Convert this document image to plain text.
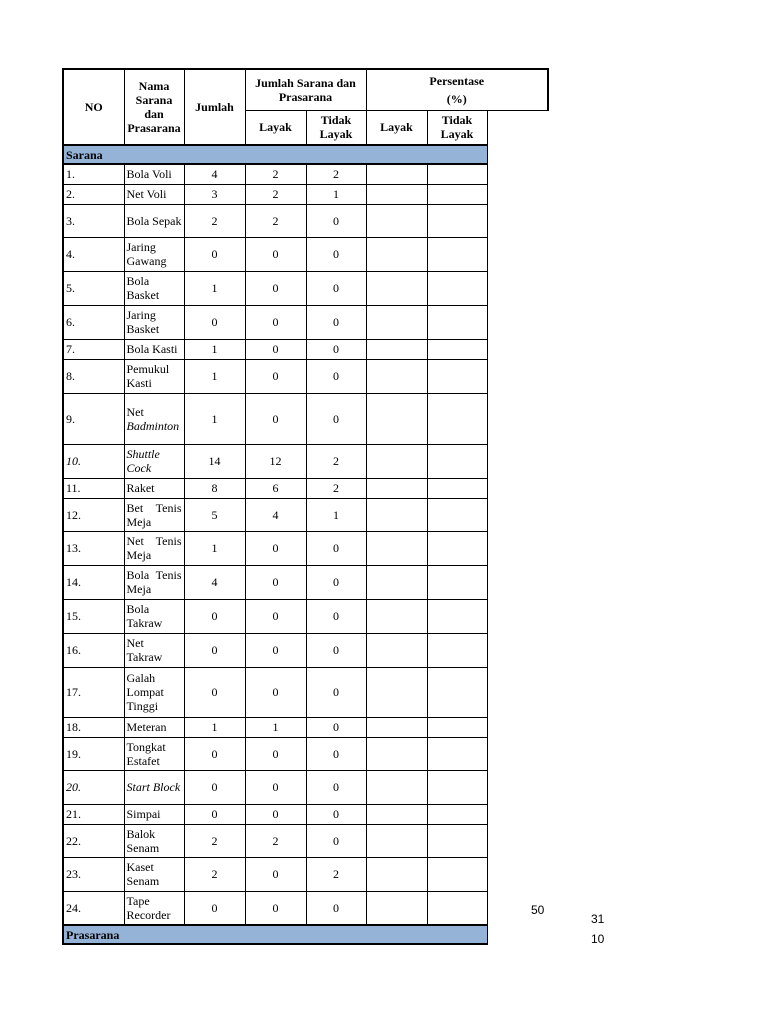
NO	Nama Sarana dan Prasarana	Jumlah	Jumlah Sarana dan Prasarana		Persentase
(%)		

			Layak	Tidak Layak	Layak	Tidak Layak	
Sarana							
1.	Bola Voli	4	2	2			
2.	Net Voli	3	2	1			
3.	Bola Sepak	2	2	0			
4.	Jaring Gawang	0	0	0			
5.	Bola Basket	1	0	0			
6.	Jaring Basket	0	0	0			
7.	Bola Kasti	1	0	0			
8.	Pemukul Kasti	1	0	0			
9.	Net
Badminton	1	0	0			
10.	Shuttle Cock	14	12	2			
11.	Raket	8	6	2			
12.	Bet Tenis Meja	5	4	1			
13.	Net Tenis Meja	1	0	0			
14.	Bola Tenis Meja	4	0	0			
15.	Bola Takraw	0	0	0			
16.	Net Takraw	0	0	0			
17.	Galah Lompat Tinggi	0	0	0			
18.	Meteran	1	1	0			
19.	Tongkat Estafet	0	0	0			
20.	Start Block	0	0	0			
21.	Simpai	0	0	0			
22.	Balok Senam	2	2	0			
23.	Kaset Senam	2	0	2			
24.	Tape Recorder	0	0	0			
Prasarana							
50
31
10
